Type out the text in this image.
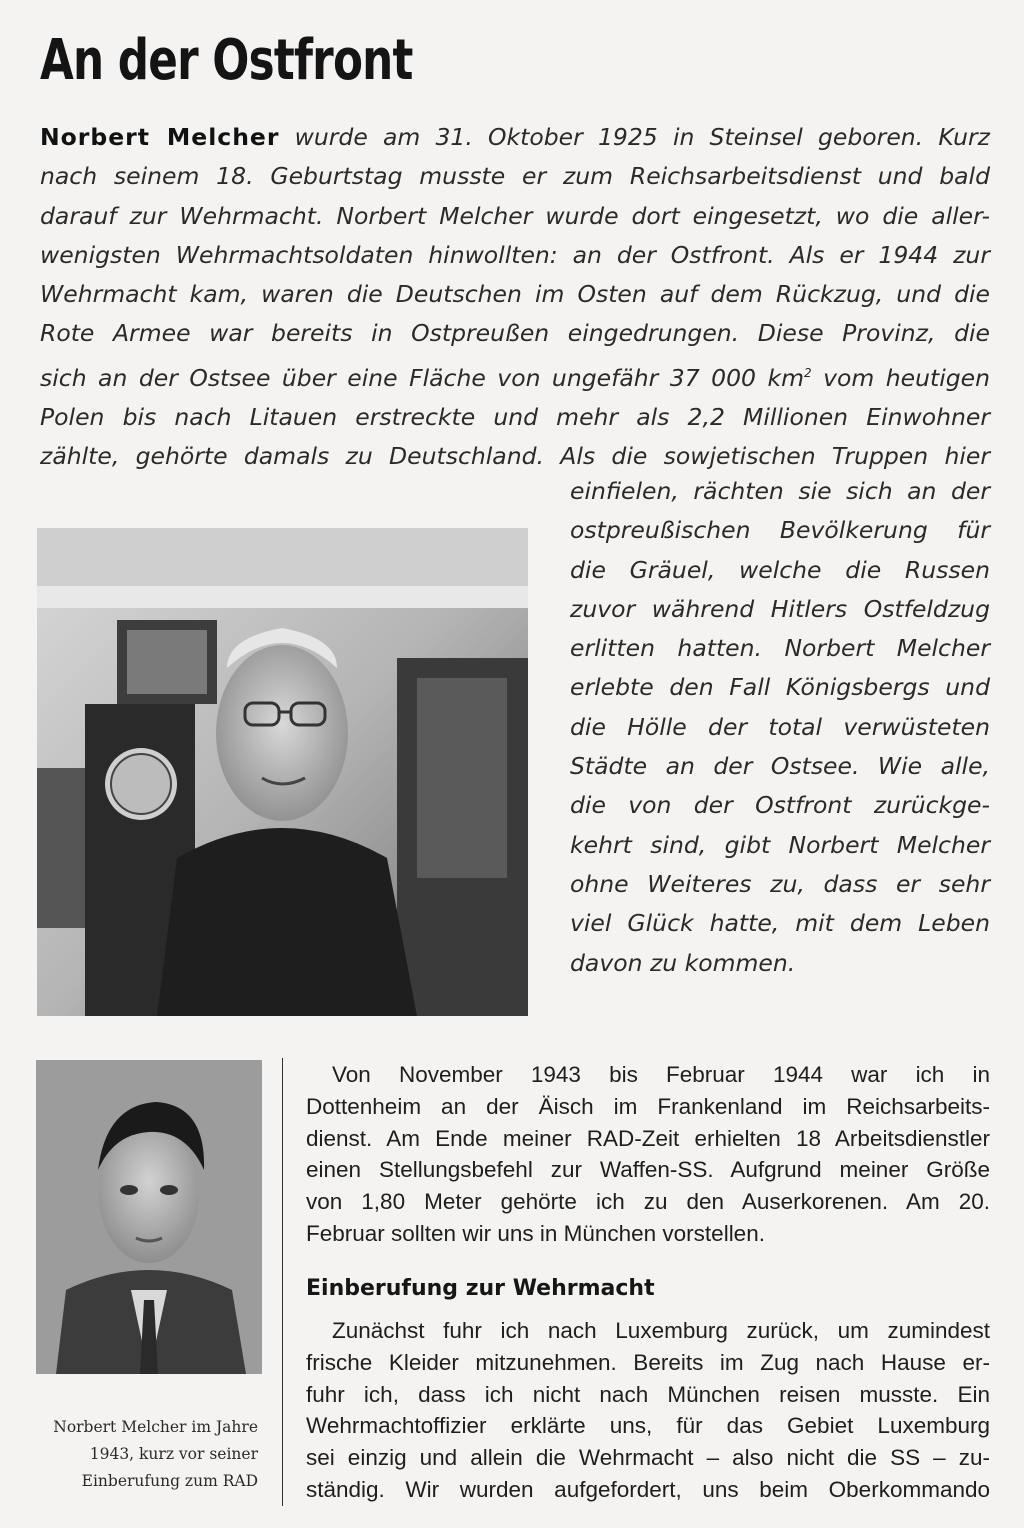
An der Ostfront
Norbert Melcher wurde am 31. Oktober 1925 in Steinsel geboren. Kurz
nach seinem 18. Geburtstag musste er zum Reichsarbeitsdienst und bald
darauf zur Wehrmacht. Norbert Melcher wurde dort eingesetzt, wo die aller-
wenigsten Wehrmachtsoldaten hinwollten: an der Ostfront. Als er 1944 zur
Wehrmacht kam, waren die Deutschen im Osten auf dem Rückzug, und die
Rote Armee war bereits in Ostpreußen eingedrungen. Diese Provinz, die
sich an der Ostsee über eine Fläche von ungefähr 37 000 $km^2$ vom heutigen
Polen bis nach Litauen erstreckte und mehr als 2,2 Millionen Einwohner
zählte, gehörte damals zu Deutschland. Als die sowjetischen Truppen hier
einfielen, rächten sie sich an der
ostpreußischen Bevölkerung für
die Gräuel, welche die Russen
zuvor während Hitlers Ostfeldzug
erlitten hatten. Norbert Melcher
erlebte den Fall Königsbergs und
die Hölle der total verwüsteten
Städte an der Ostsee. Wie alle,
die von der Ostfront zurückge-
kehrt sind, gibt Norbert Melcher
ohne Weiteres zu, dass er sehr
viel Glück hatte, mit dem Leben
davon zu kommen.
Norbert Melcher im Jahre
1943, kurz vor seiner
Einberufung zum RAD
Von November 1943 bis Februar 1944 war ich in
Dottenheim an der Äisch im Frankenland im Reichsarbeits-
dienst. Am Ende meiner RAD-Zeit erhielten 18 Arbeitsdienstler
einen Stellungsbefehl zur Waffen-SS. Aufgrund meiner Größe
von 1,80 Meter gehörte ich zu den Auserkorenen. Am 20.
Februar sollten wir uns in München vorstellen.
Einberufung zur Wehrmacht
Zunächst fuhr ich nach Luxemburg zurück, um zumindest
frische Kleider mitzunehmen. Bereits im Zug nach Hause er-
fuhr ich, dass ich nicht nach München reisen musste. Ein
Wehrmachtoffizier erklärte uns, für das Gebiet Luxemburg
sei einzig und allein die Wehrmacht – also nicht die SS – zu-
ständig. Wir wurden aufgefordert, uns beim Oberkommando
